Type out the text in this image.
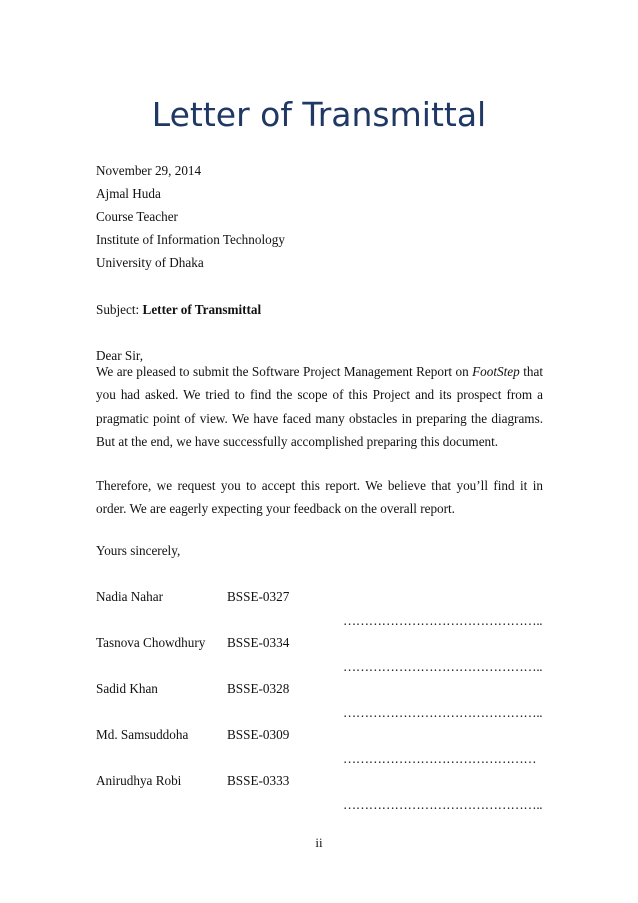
Letter of Transmittal
November 29, 2014
Ajmal Huda
Course Teacher
Institute of Information Technology
University of Dhaka
Subject: Letter of Transmittal
Dear Sir,
We are pleased to submit the Software Project Management Report on FootStep that you had asked. We tried to find the scope of this Project and its prospect from a pragmatic point of view. We have faced many obstacles in preparing the diagrams. But at the end, we have successfully accomplished preparing this document.
Therefore, we request you to accept this report. We believe that you’ll find it in order. We are eagerly expecting your feedback on the overall report.
Yours sincerely,
Nadia Nahar	BSSE-0327
………………………………………..
Tasnova Chowdhury BSSE-0334
………………………………………..
Sadid Khan	BSSE-0328
………………………………………..
Md. Samsuddoha	BSSE-0309
………………………………………
Anirudhya Robi	BSSE-0333
………………………………………..
ii
